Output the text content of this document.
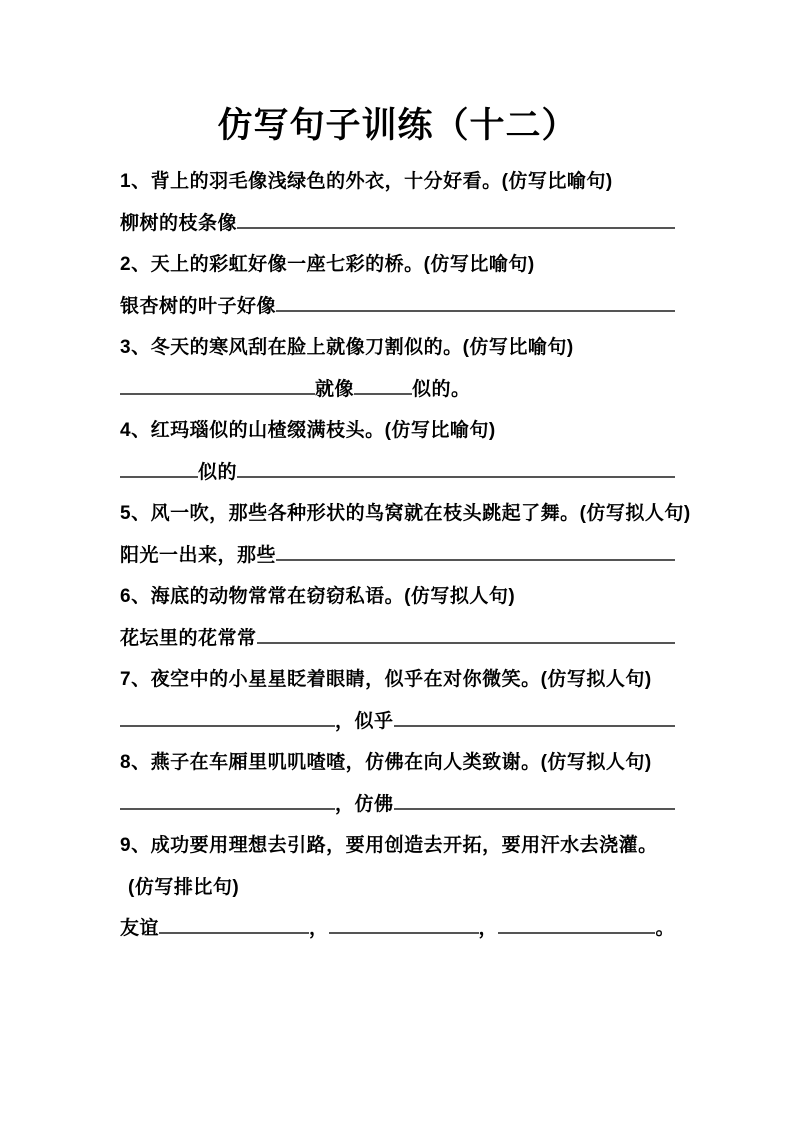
仿写句子训练（十二）
1、背上的羽毛像浅绿色的外衣，十分好看。(仿写比喻句)
柳树的枝条像
2、天上的彩虹好像一座七彩的桥。(仿写比喻句)
银杏树的叶子好像
3、冬天的寒风刮在脸上就像刀割似的。(仿写比喻句)
就像	似的。
4、红玛瑙似的山楂缀满枝头。(仿写比喻句)
似的
5、风一吹，那些各种形状的鸟窝就在枝头跳起了舞。(仿写拟人句)
阳光一出来，那些
6、海底的动物常常在窃窃私语。(仿写拟人句)
花坛里的花常常
7、夜空中的小星星眨着眼睛，似乎在对你微笑。(仿写拟人句)
，似乎
8、燕子在车厢里叽叽喳喳，仿佛在向人类致谢。(仿写拟人句)
，仿佛
9、成功要用理想去引路，要用创造去开拓，要用汗水去浇灌。
(仿写排比句)
友谊	，	，	。
